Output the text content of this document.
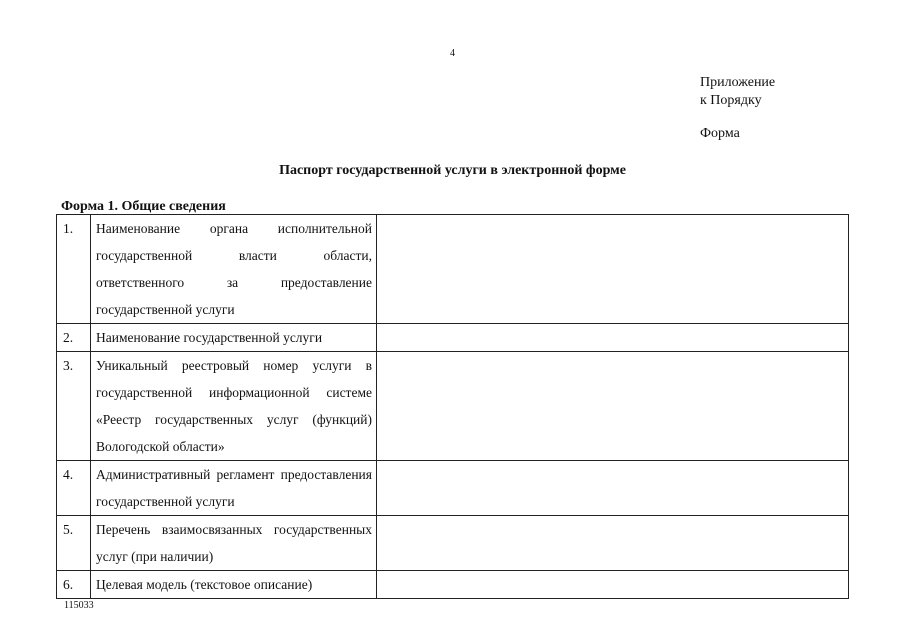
4
Приложение
к Порядку
Форма
Паспорт государственной услуги в электронной форме
Форма 1. Общие сведения
1.	Наименование органа исполнительной государственной власти области, ответственного за предоставление государственной услуги	
2.	Наименование государственной услуги	
3.	Уникальный реестровый номер услуги в государственной информационной системе «Реестр государственных услуг (функций) Вологодской области»	
4.	Административный регламент предоставления государственной услуги	
5.	Перечень взаимосвязанных государственных услуг (при наличии)	
6.	Целевая модель (текстовое описание)	
115033
